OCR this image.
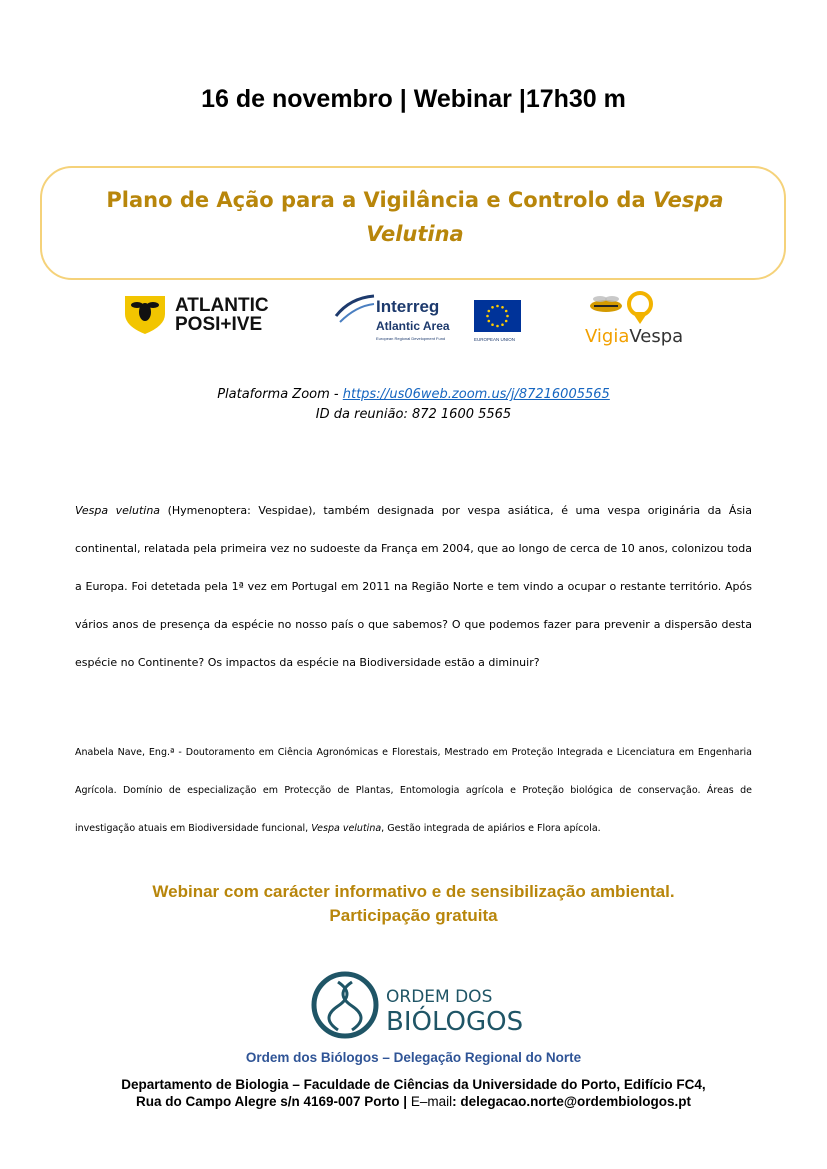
16 de novembro | Webinar |17h30 m
Plano de Ação para a Vigilância e Controlo da Vespa Velutina
ATLANTIC
POSI+IVE
Interreg
Atlantic Area
European Regional Development Fund	EUROPEAN UNION	VigiaVespa
Plataforma Zoom - https://us06web.zoom.us/j/87216005565
ID da reunião: 872 1600 5565
Vespa velutina (Hymenoptera: Vespidae), também designada por vespa asiática, é uma vespa originária da Ásia continental, relatada pela primeira vez no sudoeste da França em 2004, que ao longo de cerca de 10 anos, colonizou toda a Europa. Foi detetada pela 1ª vez em Portugal em 2011 na Região Norte e tem vindo a ocupar o restante território. Após vários anos de presença da espécie no nosso país o que sabemos? O que podemos fazer para prevenir a dispersão desta espécie no Continente? Os impactos da espécie na Biodiversidade estão a diminuir?
Anabela Nave, Eng.ª - Doutoramento em Ciência Agronómicas e Florestais, Mestrado em Proteção Integrada e Licenciatura em Engenharia Agrícola. Domínio de especialização em Protecção de Plantas, Entomologia agrícola e Proteção biológica de conservação. Áreas de investigação atuais em Biodiversidade funcional, Vespa velutina, Gestão integrada de apiários e Flora apícola.
Webinar com carácter informativo e de sensibilização ambiental.
Participação gratuita
ORDEM DOS
BIÓLOGOS
Ordem dos Biólogos – Delegação Regional do Norte
Departamento de Biologia – Faculdade de Ciências da Universidade do Porto, Edifício FC4,
Rua do Campo Alegre s/n 4169-007 Porto | E–mail: delegacao.norte@ordembiologos.pt
